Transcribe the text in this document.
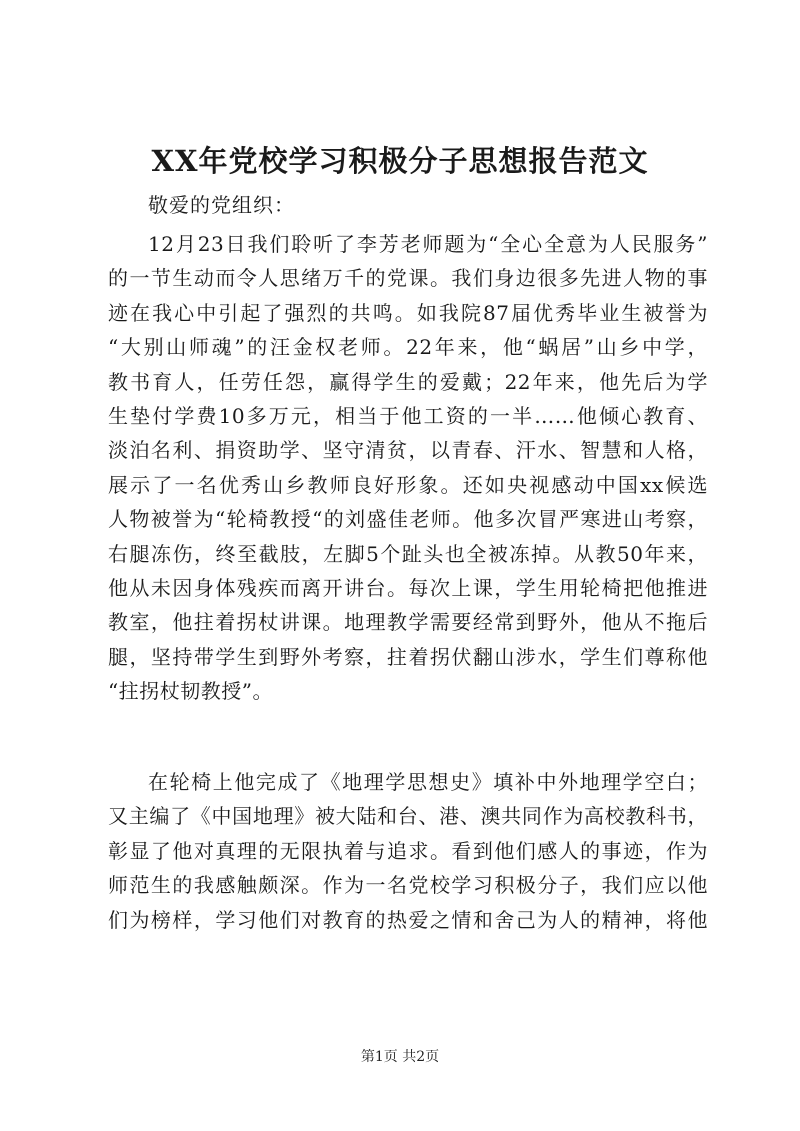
XX年党校学习积极分子思想报告范文
敬爱的党组织：
12月23日我们聆听了李芳老师题为“全心全意为人民服务”
的一节生动而令人思绪万千的党课。我们身边很多先进人物的事
迹在我心中引起了强烈的共鸣。如我院87届优秀毕业生被誉为
“大别山师魂”的汪金权老师。22年来，他“蜗居”山乡中学，
教书育人，任劳任怨，赢得学生的爱戴；22年来，他先后为学
生垫付学费10多万元，相当于他工资的一半……他倾心教育、
淡泊名利、捐资助学、坚守清贫，以青春、汗水、智慧和人格，
展示了一名优秀山乡教师良好形象。还如央视感动中国xx候选
人物被誉为“轮椅教授“的刘盛佳老师。他多次冒严寒进山考察，
右腿冻伤，终至截肢，左脚5个趾头也全被冻掉。从教50年来，
他从未因身体残疾而离开讲台。每次上课，学生用轮椅把他推进
教室，他拄着拐杖讲课。地理教学需要经常到野外，他从不拖后
腿，坚持带学生到野外考察，拄着拐伏翻山涉水，学生们尊称他
“拄拐杖韧教授”。
在轮椅上他完成了《地理学思想史》填补中外地理学空白；
又主编了《中国地理》被大陆和台、港、澳共同作为高校教科书，
彰显了他对真理的无限执着与追求。看到他们感人的事迹，作为
师范生的我感触颇深。作为一名党校学习积极分子，我们应以他
们为榜样，学习他们对教育的热爱之情和舍己为人的精神，将他
第1页 共2页
